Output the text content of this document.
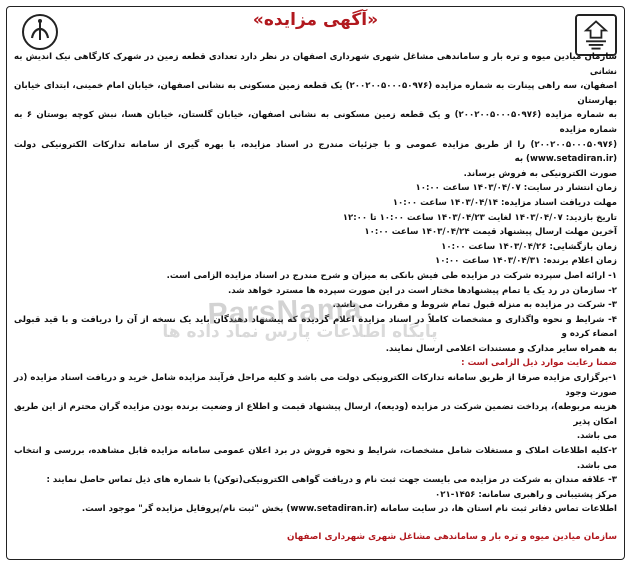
«آگهی مزایده»

سازمان میادین میوه و تره بار و ساماندهی مشاغل شهری شهرداری اصفهان در نظر دارد تعدادی قطعه زمین در شهرک کارگاهی نیک اندیش به نشانی
اصفهان، سه راهی پینارت به شماره مزایده (۲۰۰۲۰۰۵۰۰۰۵۰۹۷۶) یک قطعه زمین مسکونی به نشانی اصفهان، خیابان امام خمینی، ابتدای خیابان بهارستان
به شماره مزایده (۲۰۰۲۰۰۵۰۰۰۵۰۹۷۶) و یک قطعه زمین مسکونی به نشانی اصفهان، خیابان گلستان، خیابان هسا، نبش کوچه بوستان ۶ به شماره مزایده
(۲۰۰۲۰۰۵۰۰۰۵۰۹۷۶) را از طریق مزایده عمومی و با جزئیات مندرج در اسناد مزایده، با بهره گیری از سامانه تدارکات الکترونیکی دولت (www.setadiran.ir) به
صورت الکترونیکی به فروش برساند.

زمان انتشار در سایت: ۱۴۰۳/۰۴/۰۷ ساعت ۱۰:۰۰
مهلت دریافت اسناد مزایده: ۱۴۰۳/۰۴/۱۴ ساعت ۱۰:۰۰
تاریخ بازدید: ۱۴۰۳/۰۴/۰۷ لغایت ۱۴۰۳/۰۴/۲۳ ساعت ۱۰:۰۰ تا ۱۲:۰۰
آخرین مهلت ارسال پیشنهاد قیمت ۱۴۰۳/۰۴/۲۴ ساعت ۱۰:۰۰
زمان بازگشایی: ۱۴۰۳/۰۴/۲۶ ساعت ۱۰:۰۰
زمان اعلام برنده: ۱۴۰۳/۰۴/۳۱ ساعت ۱۰:۰۰

۱- ارائه اصل سپرده شرکت در مزایده طی فیش بانکی به میزان و شرح مندرج در اسناد مزایده الزامی است.
۲- سازمان در رد یک یا تمام پیشنهادها مختار است در این صورت سپرده ها مسترد خواهد شد.
۳- شرکت در مزایده به منزله قبول تمام شروط و مقررات می باشد.
۴- شرایط و نحوه واگذاری و مشخصات کاملاً در اسناد مزایده اعلام گردیده که پیشنهاد دهندگان باید یک نسخه از آن را دریافت و با قید قبولی امضاء کرده و
به همراه سایر مدارک و مستندات اعلامی ارسال نمایند.

ضمنا رعایت موارد ذیل الزامی است :
۱-برگزاری مزایده صرفا از طریق سامانه تدارکات الکترونیکی دولت می باشد و کلیه مراحل فرآیند مزایده شامل خرید و دریافت اسناد مزایده (در صورت وجود
هزینه مربوطه)، پرداخت تضمین شرکت در مزایده (ودیعه)، ارسال پیشنهاد قیمت و اطلاع از وضعیت برنده بودن مزایده گران محترم از این طریق امکان پذیر
می باشد.
۲-کلیه اطلاعات املاک و مستغلات شامل مشخصات، شرایط و نحوه فروش در برد اعلان عمومی سامانه مزایده قابل مشاهده، بررسی و انتخاب می باشد.
۳- علاقه مندان به شرکت در مزایده می بایست جهت ثبت نام و دریافت گواهی الکترونیکی(توکن) با شماره های ذیل تماس حاصل نمایند :
مرکز پشتیبانی و راهبری سامانه: ۱۴۵۶-۰۲۱
اطلاعات تماس دفاتر ثبت نام استان ها، در سایت سامانه (www.setadiran.ir) بخش "ثبت نام/پروفایل مزایده گر" موجود است.

ParsNama
پایگاه اطلاعات پارس نماد داده ها
سازمان میادین میوه و تره بار و ساماندهی مشاغل شهری شهرداری اصفهان
